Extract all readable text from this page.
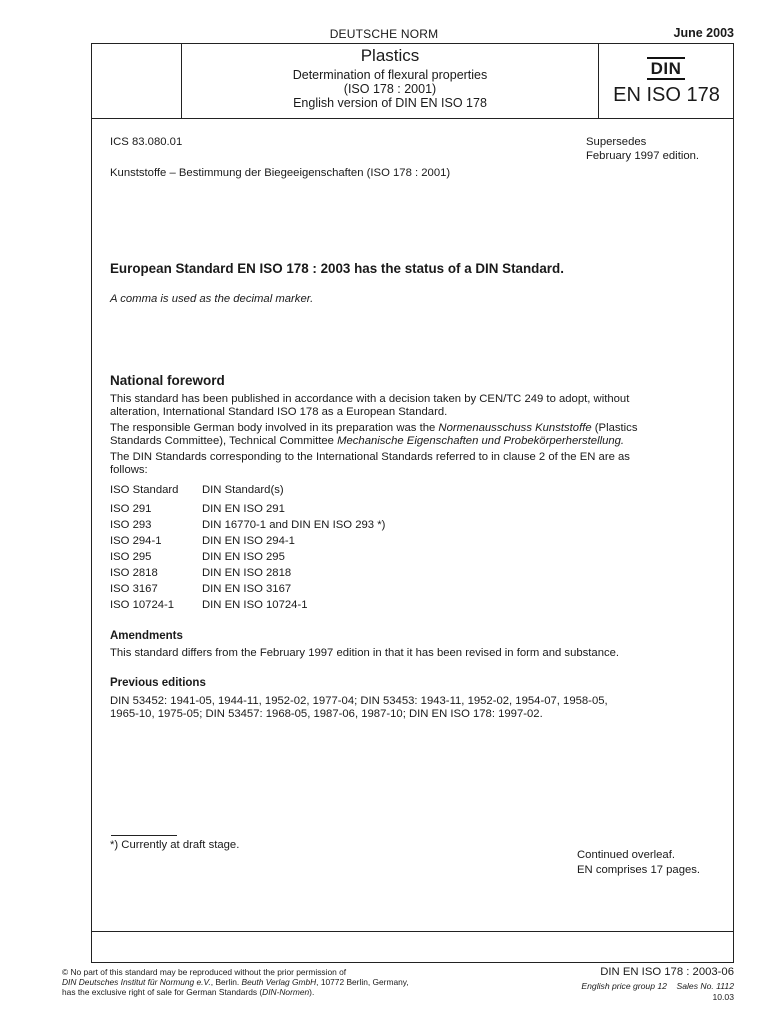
DEUTSCHE NORM	June 2003
Plastics
Determination of flexural properties
(ISO 178 : 2001)
English version of DIN EN ISO 178
DIN
EN ISO 178
ICS 83.080.01	Supersedes
February 1997 edition.
Kunststoffe – Bestimmung der Biegeeigenschaften (ISO 178 : 2001)
European Standard EN ISO 178 : 2003 has the status of a DIN Standard.
A comma is used as the decimal marker.
National foreword
This standard has been published in accordance with a decision taken by CEN/TC 249 to adopt, without
alteration, International Standard ISO 178 as a European Standard.
The responsible German body involved in its preparation was the Normenausschuss Kunststoffe (Plastics
Standards Committee), Technical Committee Mechanische Eigenschaften und Probekörperherstellung.
The DIN Standards corresponding to the International Standards referred to in clause 2 of the EN are as
follows:
ISO Standard DIN Standard(s)
ISO 291	DIN EN ISO 291
ISO 293	DIN 16770-1 and DIN EN ISO 293 *)
ISO 294-1	DIN EN ISO 294-1
ISO 295	DIN EN ISO 295
ISO 2818	DIN EN ISO 2818
ISO 3167	DIN EN ISO 3167
ISO 10724-1 DIN EN ISO 10724-1
Amendments
This standard differs from the February 1997 edition in that it has been revised in form and substance.
Previous editions
DIN 53452: 1941-05, 1944-11, 1952-02, 1977-04; DIN 53453: 1943-11, 1952-02, 1954-07, 1958-05,
1965-10, 1975-05; DIN 53457: 1968-05, 1987-06, 1987-10; DIN EN ISO 178: 1997-02.
*) Currently at draft stage.
Continued overleaf.
EN comprises 17 pages.
© No part of this standard may be reproduced without the prior permission of
DIN Deutsches Institut für Normung e.V., Berlin. Beuth Verlag GmbH, 10772 Berlin, Germany,
has the exclusive right of sale for German Standards (DIN-Normen).
DIN EN ISO 178 : 2003-06
English price group 12 Sales No. 1112
10.03
